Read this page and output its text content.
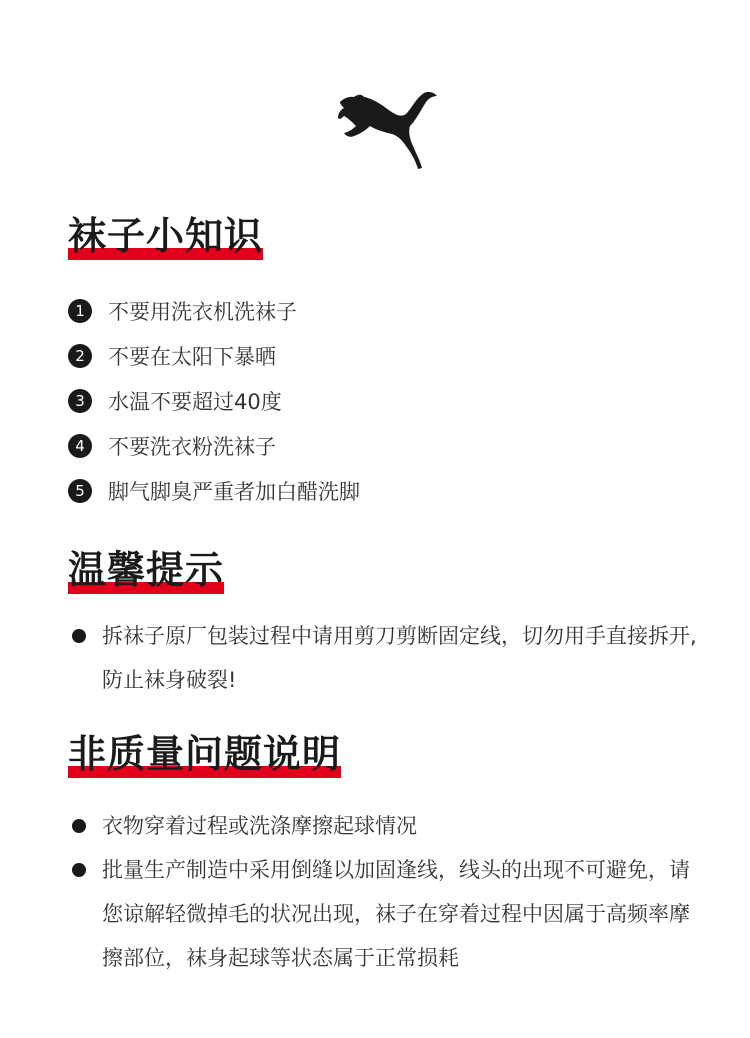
袜子小知识
1	不要用洗衣机洗袜子
2	不要在太阳下暴晒
3	水温不要超过40度
4	不要洗衣粉洗袜子
5	脚气脚臭严重者加白醋洗脚
温馨提示
拆袜子原厂包装过程中请用剪刀剪断固定线，切勿用手直接拆开,防止袜身破裂!
非质量问题说明
衣物穿着过程或洗涤摩擦起球情况
批量生产制造中采用倒缝以加固逢线，线头的出现不可避免，请您谅解轻微掉毛的状况出现，袜子在穿着过程中因属于高频率摩擦部位，袜身起球等状态属于正常损耗
